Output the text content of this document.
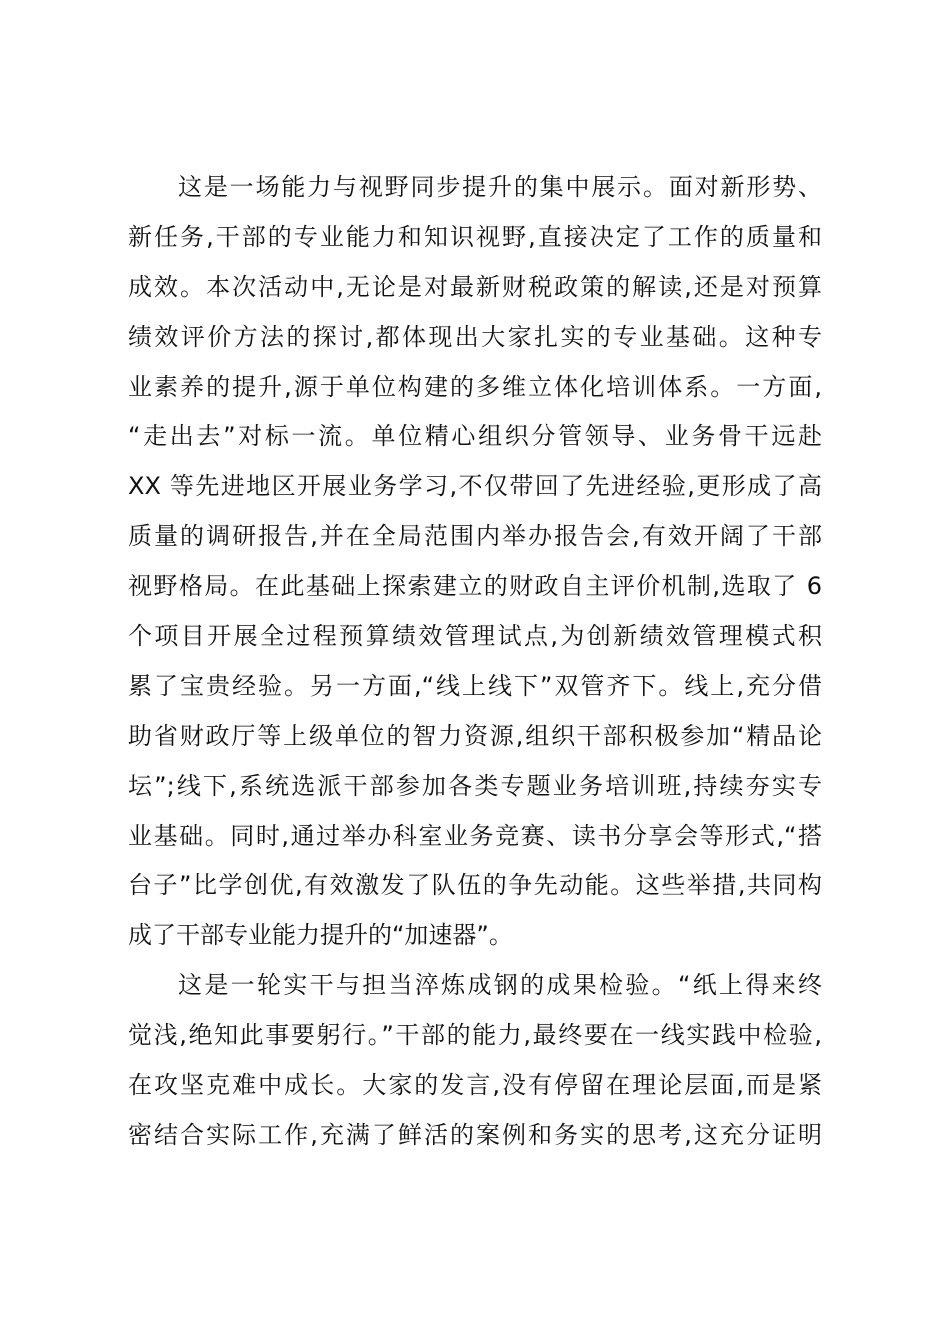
这是一场能力与视野同步提升的集中展示。面对新形势、
新任务,干部的专业能力和知识视野,直接决定了工作的质量和
成效。本次活动中,无论是对最新财税政策的解读,还是对预算
绩效评价方法的探讨,都体现出大家扎实的专业基础。这种专
业素养的提升,源于单位构建的多维立体化培训体系。一方面,
“走出去”对标一流。单位精心组织分管领导、业务骨干远赴
XX 等先进地区开展业务学习,不仅带回了先进经验,更形成了高
质量的调研报告,并在全局范围内举办报告会,有效开阔了干部
视野格局。在此基础上探索建立的财政自主评价机制,选取了 6
个项目开展全过程预算绩效管理试点,为创新绩效管理模式积
累了宝贵经验。另一方面,“线上线下”双管齐下。线上,充分借
助省财政厅等上级单位的智力资源,组织干部积极参加“精品论
坛”;线下,系统选派干部参加各类专题业务培训班,持续夯实专
业基础。同时,通过举办科室业务竞赛、读书分享会等形式,“搭
台子”比学创优,有效激发了队伍的争先动能。这些举措,共同构
成了干部专业能力提升的“加速器”。
这是一轮实干与担当淬炼成钢的成果检验。“纸上得来终
觉浅,绝知此事要躬行。”干部的能力,最终要在一线实践中检验,
在攻坚克难中成长。大家的发言,没有停留在理论层面,而是紧
密结合实际工作,充满了鲜活的案例和务实的思考,这充分证明
